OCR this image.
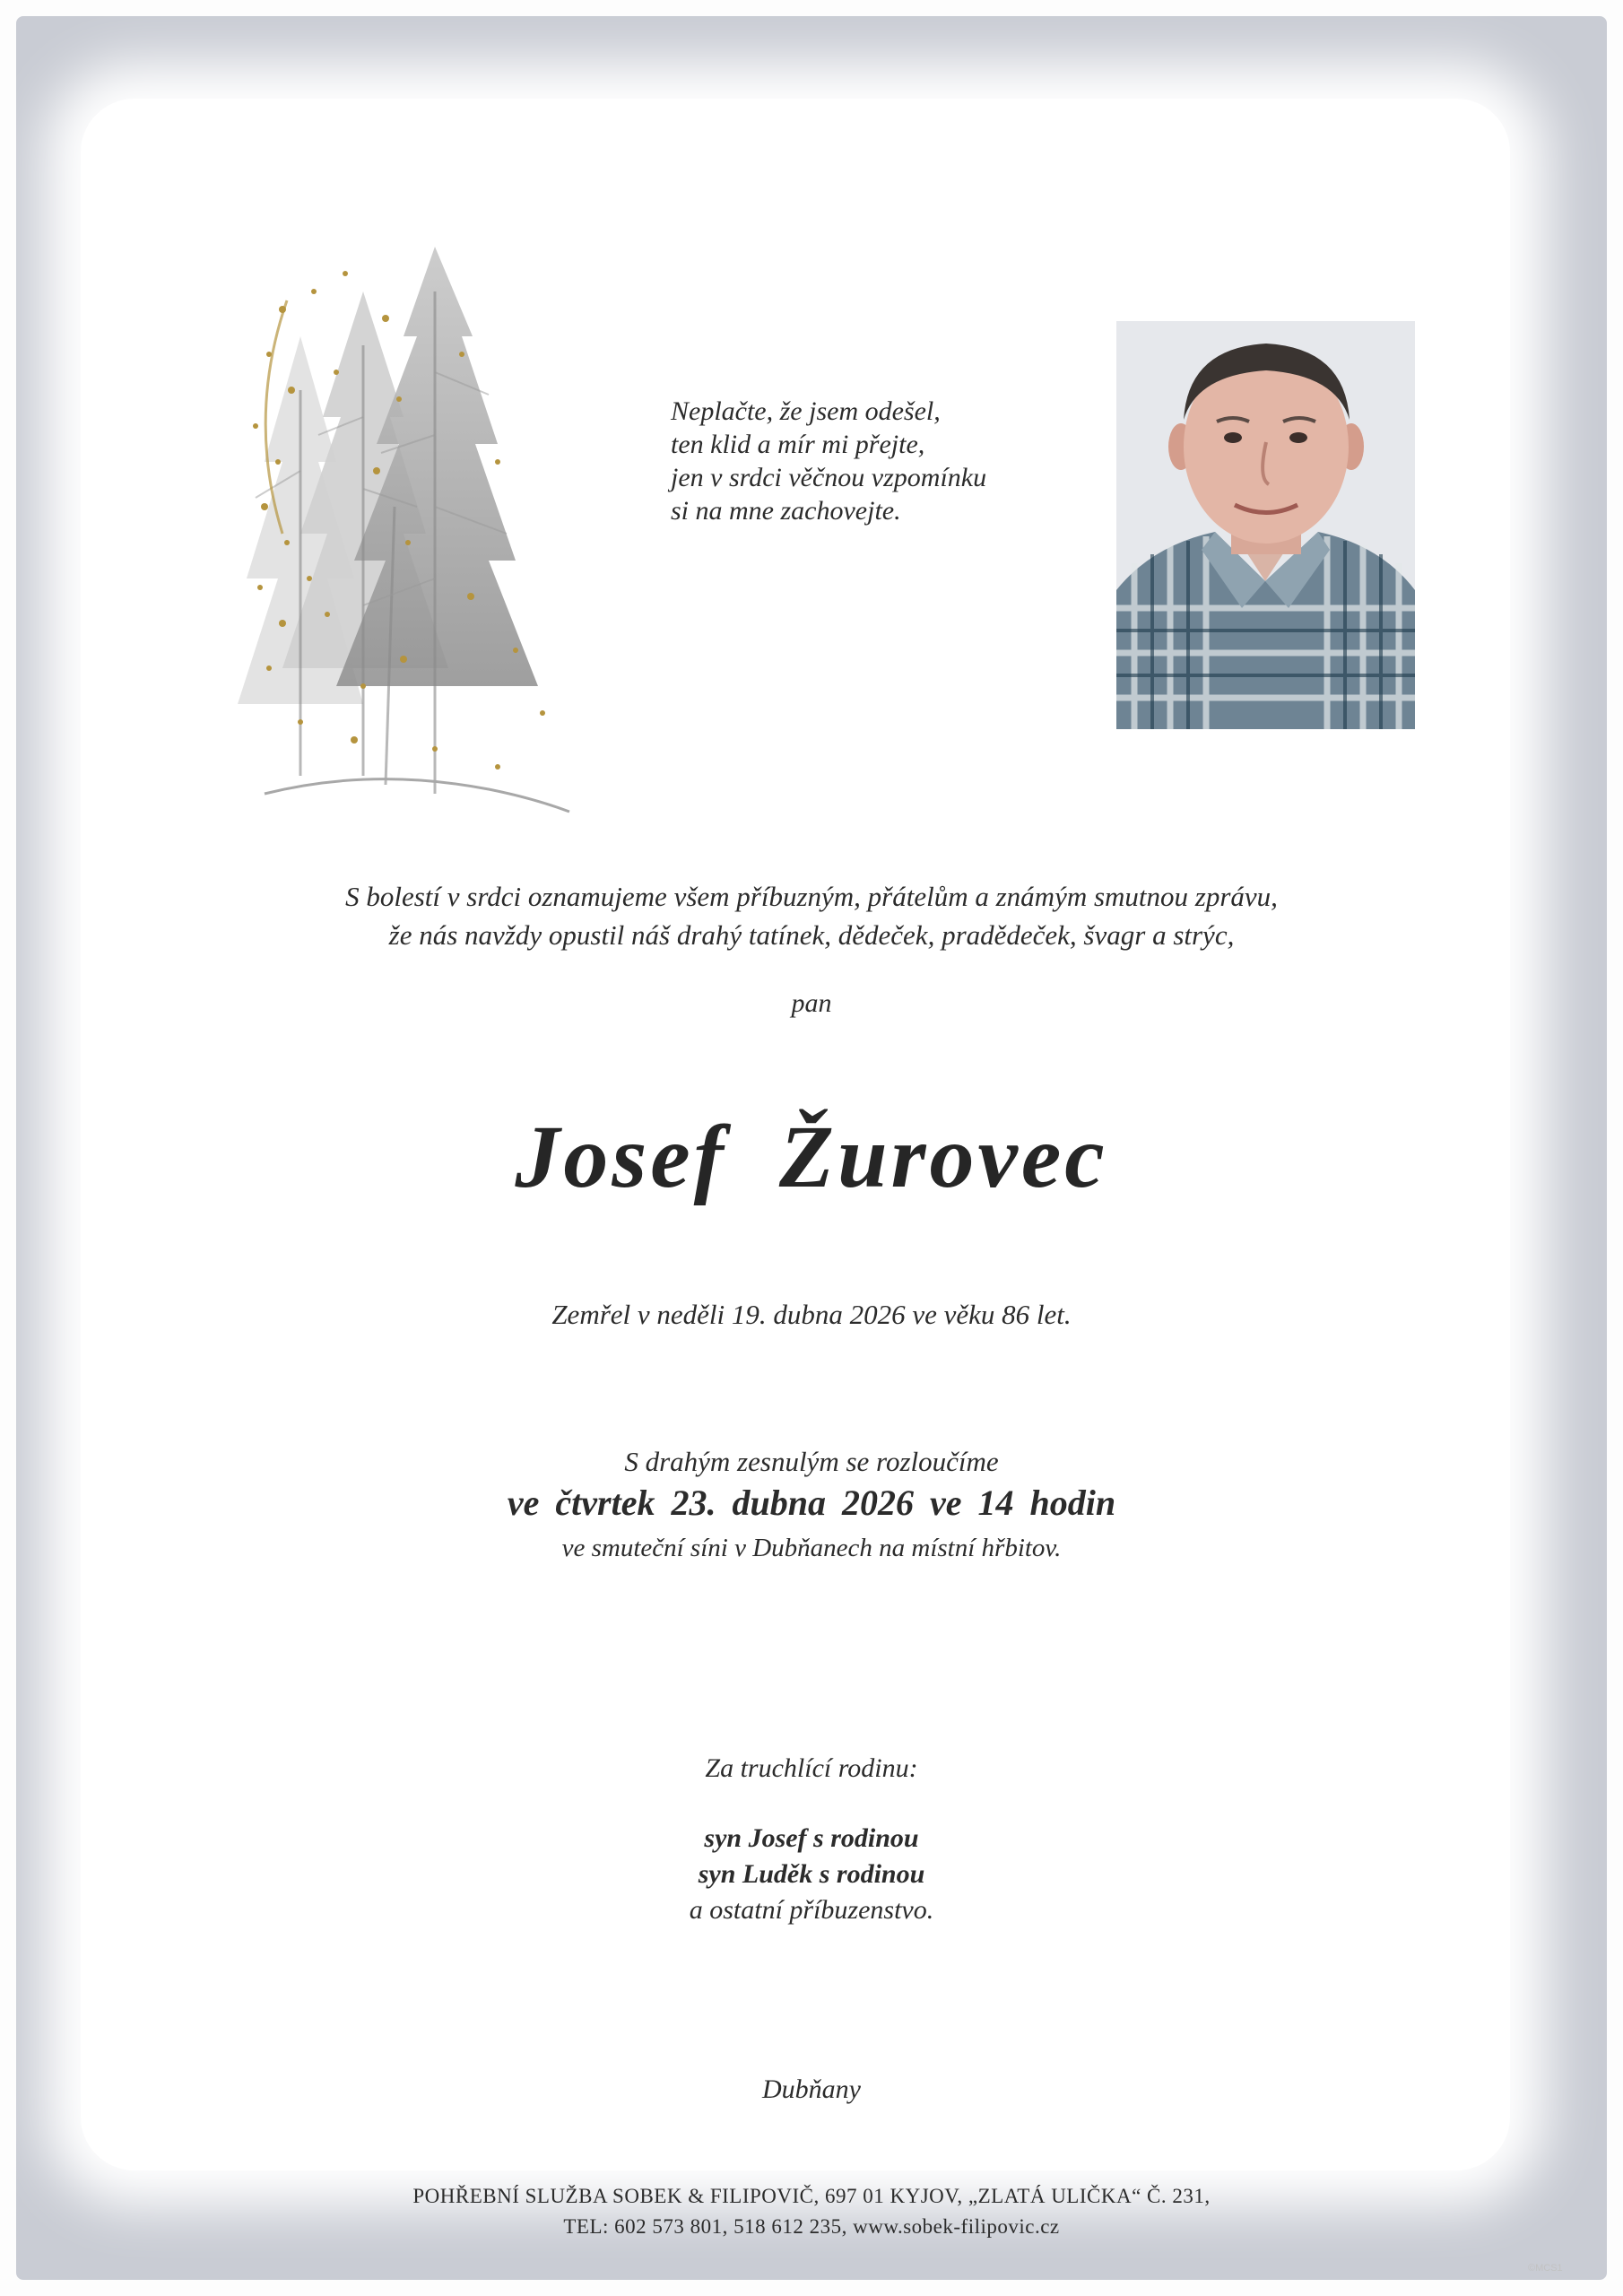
Neplačte, že jsem odešel,
ten klid a mír mi přejte,
jen v srdci věčnou vzpomínku
si na mne zachovejte.
S bolestí v srdci oznamujeme všem příbuzným, přátelům a známým smutnou zprávu,
že nás navždy opustil náš drahý tatínek, dědeček, pradědeček, švagr a strýc,
pan
Josef  Žurovec
Zemřel v neděli 19. dubna 2026 ve věku 86 let.
S drahým zesnulým se rozloučíme
ve čtvrtek 23. dubna 2026 ve 14 hodin
ve smuteční síni v Dubňanech na místní hřbitov.
Za truchlící rodinu:
syn Josef s rodinou
syn Luděk s rodinou
a ostatní příbuzenstvo.
Dubňany
POHŘEBNÍ SLUŽBA SOBEK & FILIPOVIČ, 697 01 KYJOV, „ZLATÁ ULIČKA“ Č. 231,
TEL: 602 573 801, 518 612 235, www.sobek-filipovic.cz
©MCS1
